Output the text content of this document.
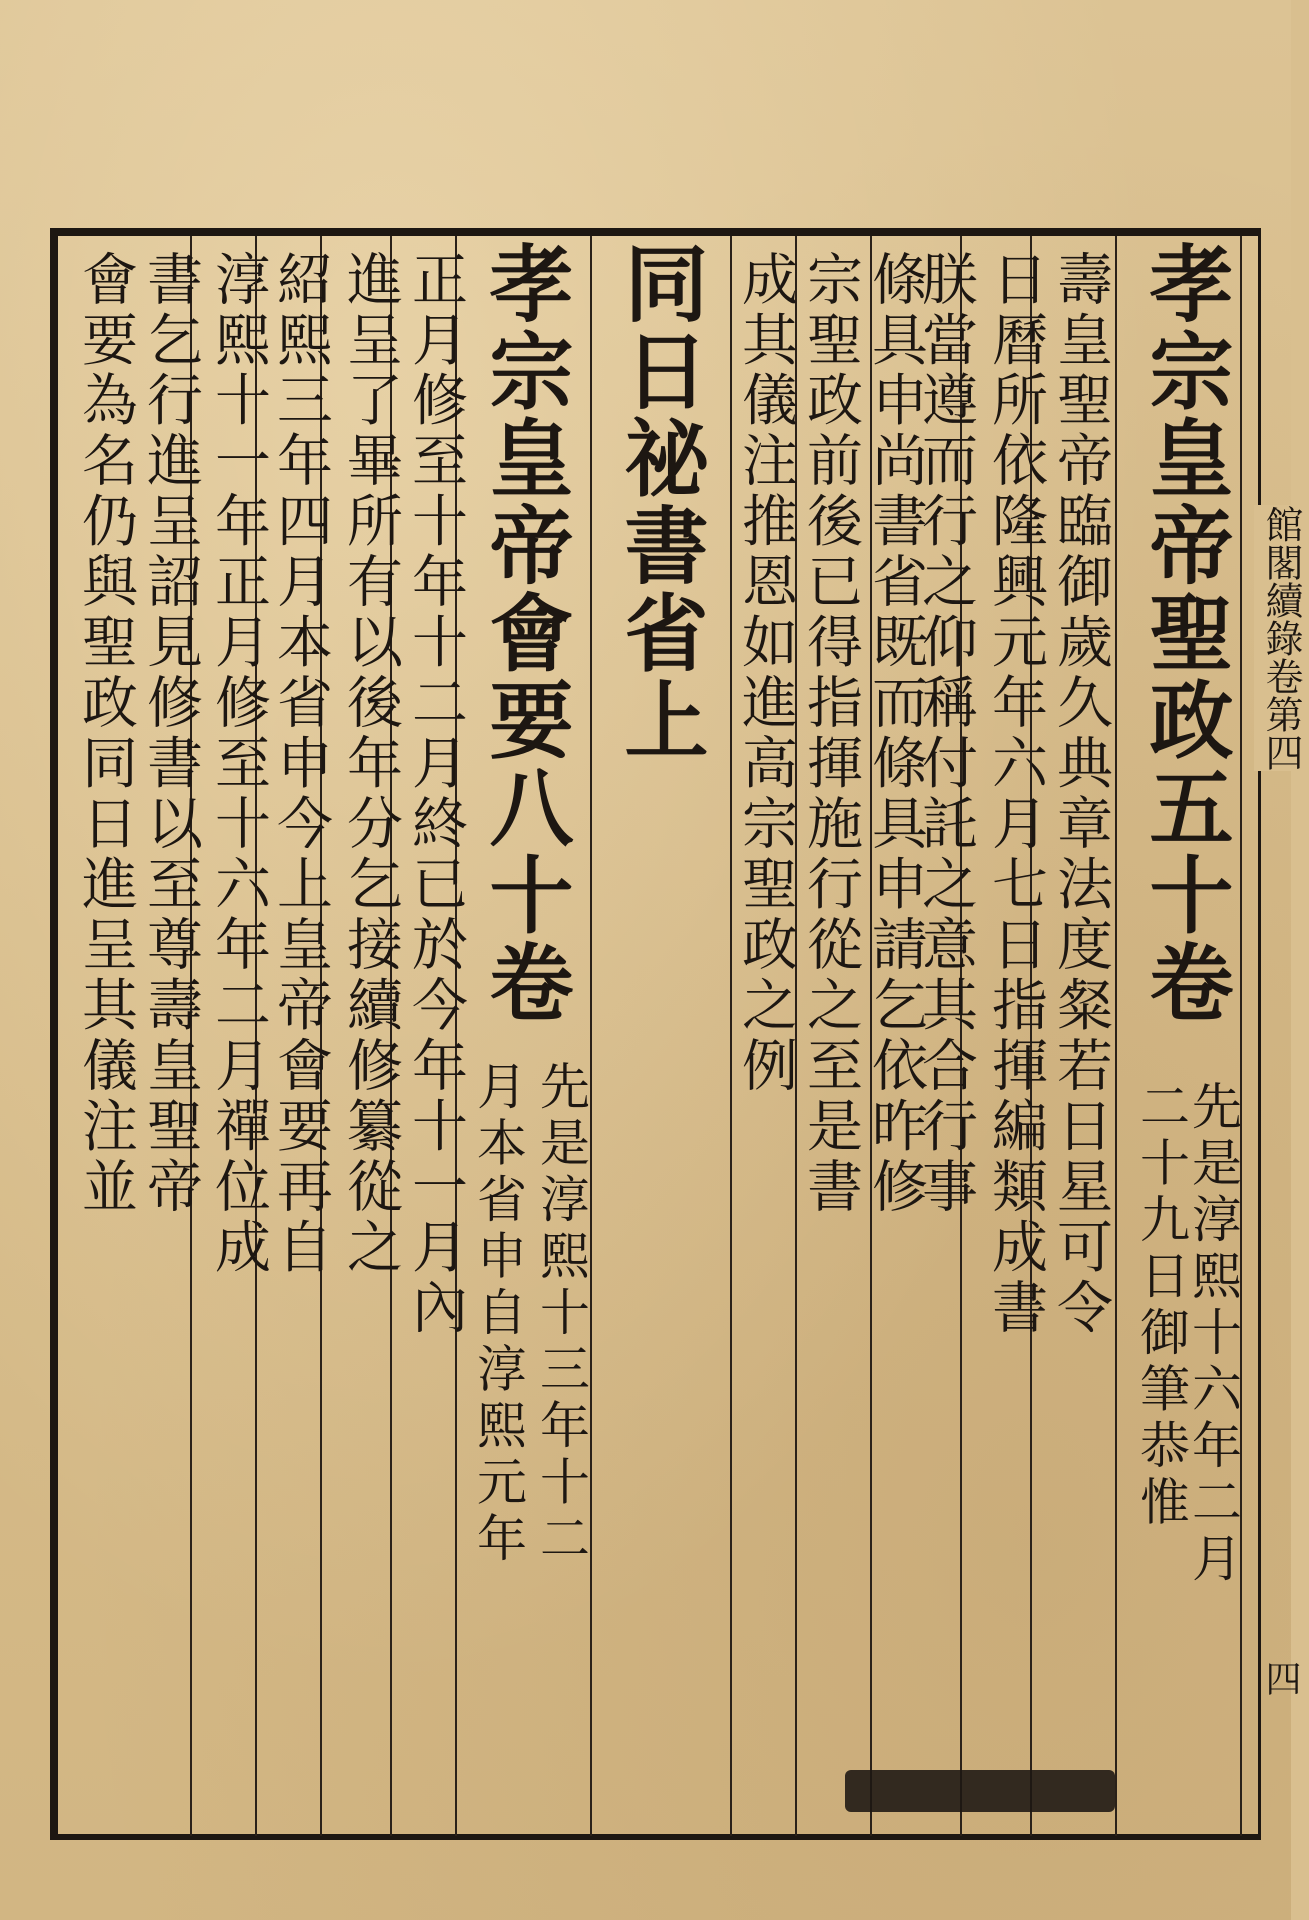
館閣續錄卷第四
四
孝宗皇帝聖政五十卷
先是淳熙十六年二月
二十九日御筆恭惟
壽皇聖帝臨御歲久典章法度粲若日星可令
日曆所依隆興元年六月七日指揮編類成書
朕當遵而行之仰稱付託之意其合行事
條具申尚書省既而條具申請乞依昨修
宗聖政前後已得指揮施行從之至是書
成其儀注推恩如進高宗聖政之例
同日祕書省上
孝宗皇帝會要八十卷
先是淳熙十三年十二
月本省申自淳熙元年
正月修至十年十二月終已於今年十一月內
進呈了畢所有以後年分乞接續修纂從之
紹熙三年四月本省申今上皇帝會要再自
淳熙十一年正月修至十六年二月禪位成
書乞行進呈詔見修書以至尊壽皇聖帝
會要為名仍與聖政同日進呈其儀注並
